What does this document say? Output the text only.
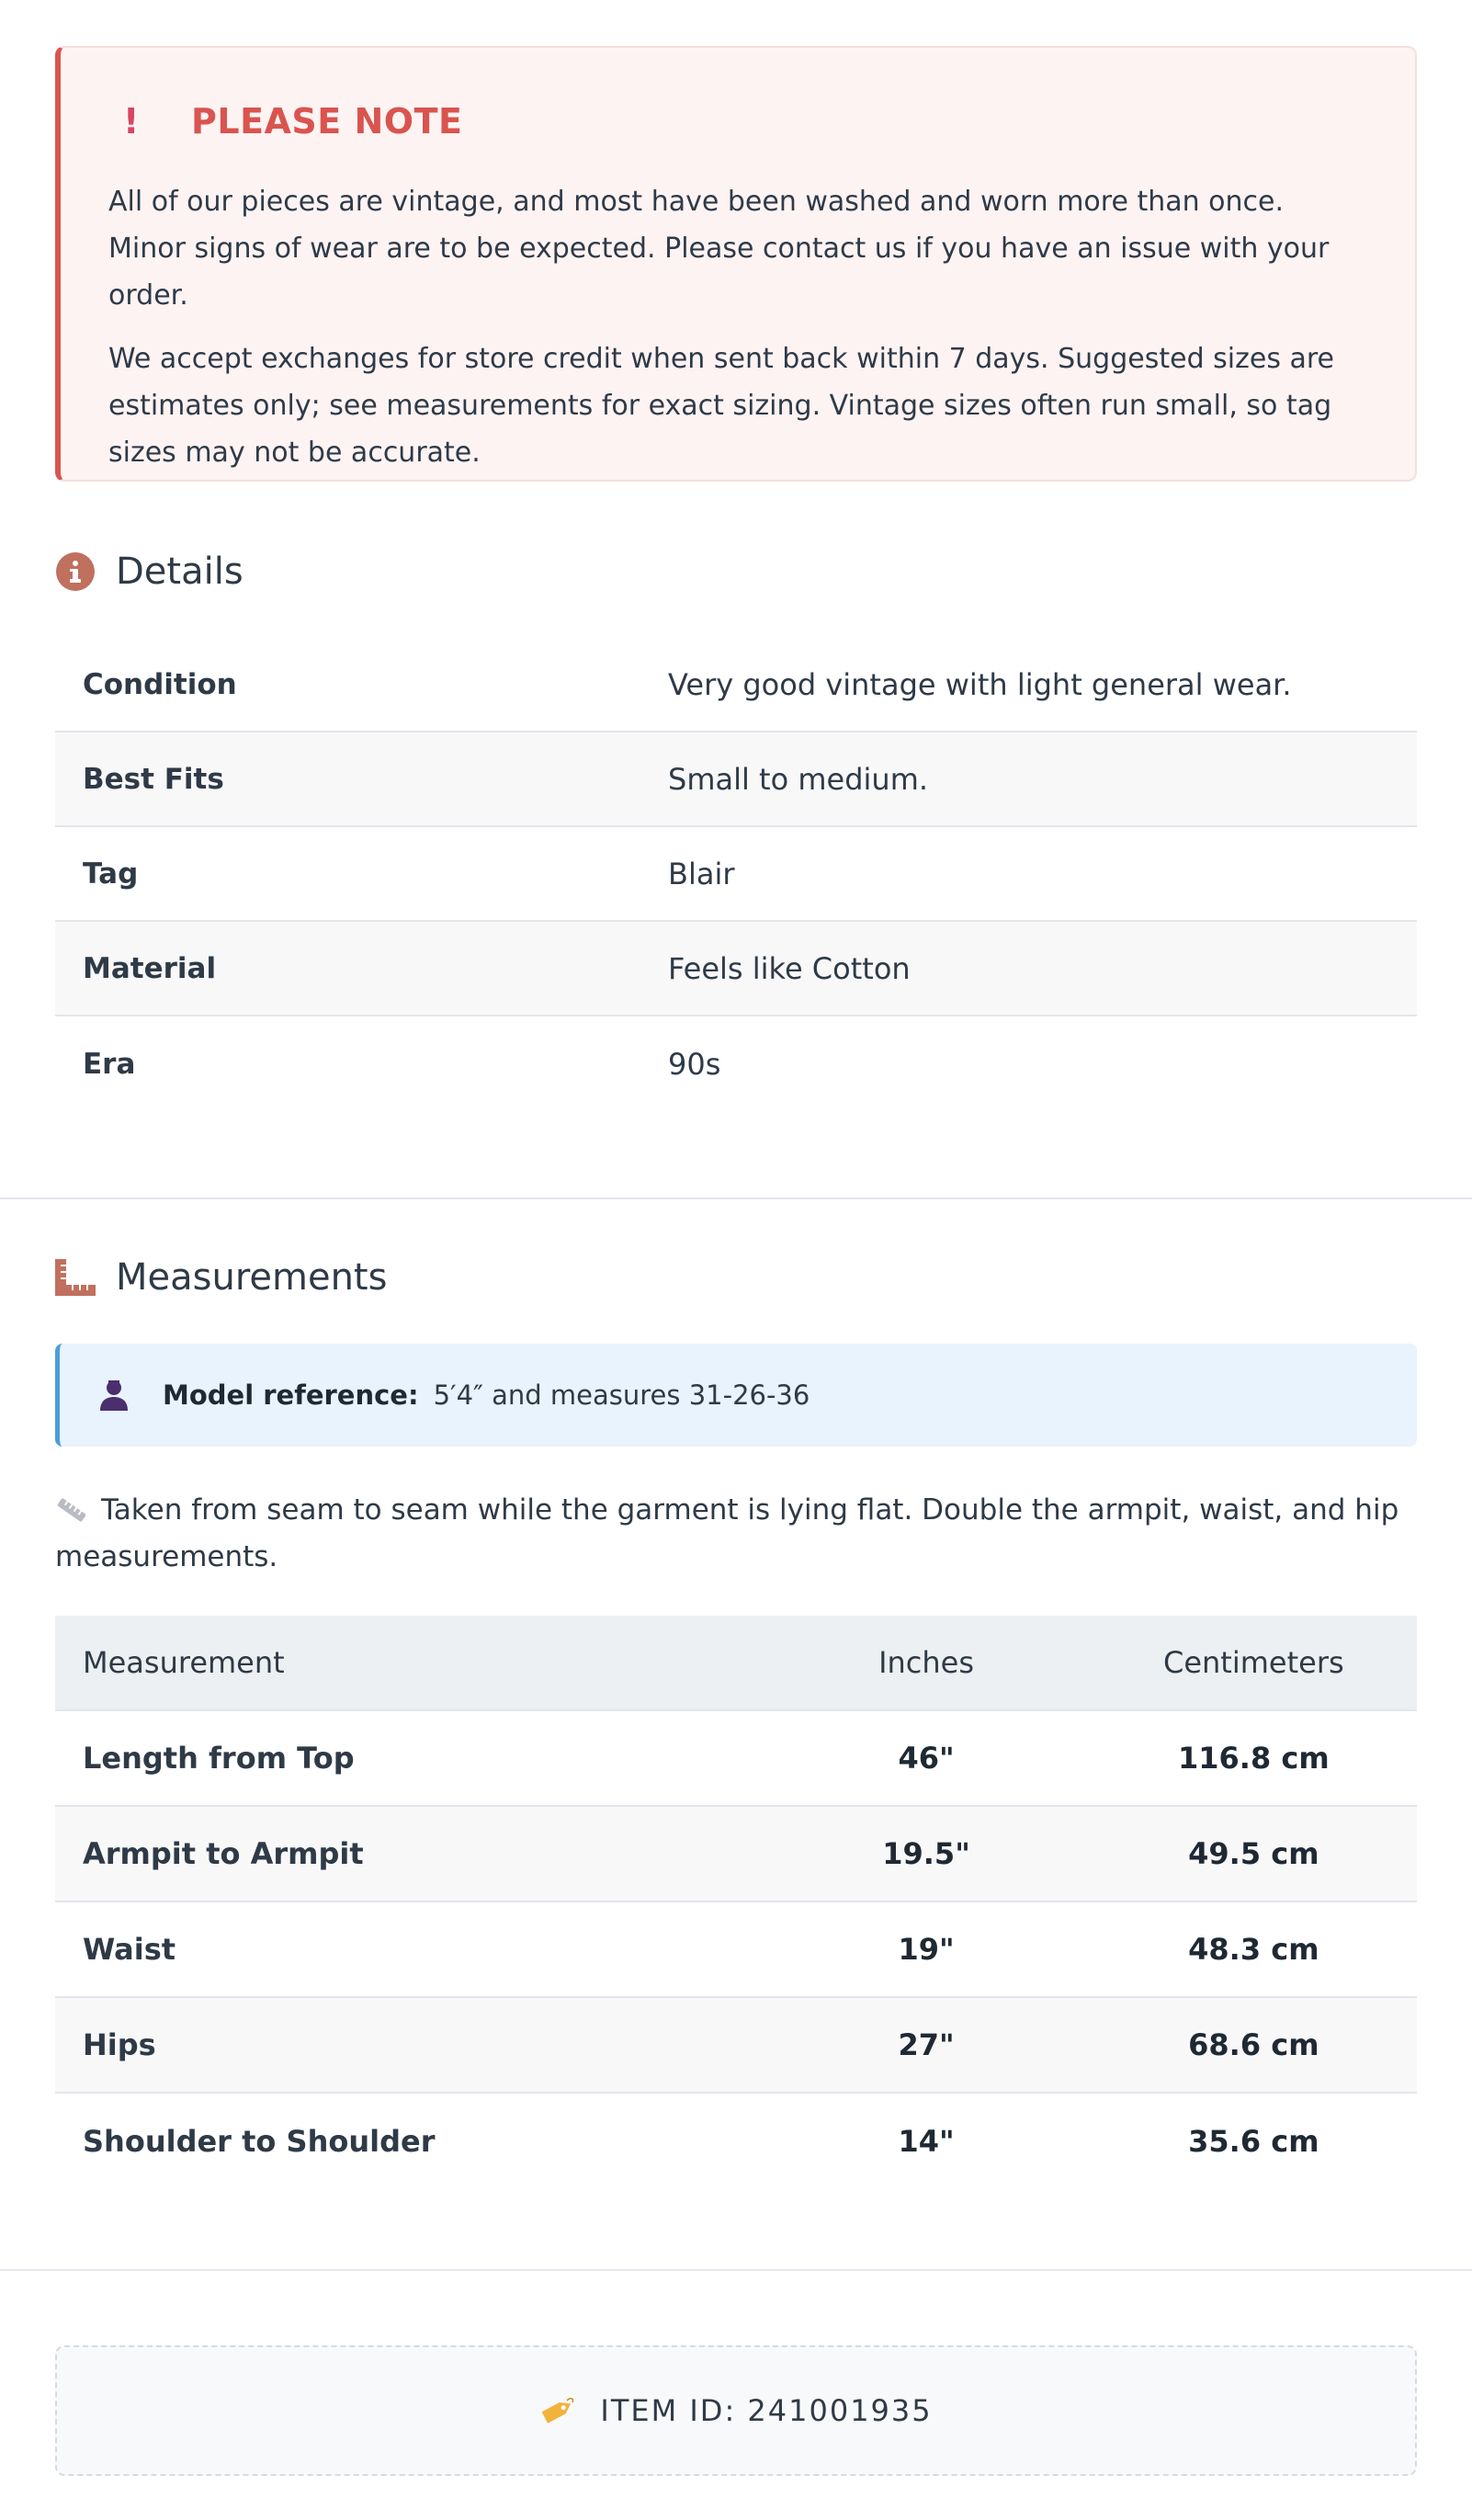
! PLEASE NOTE

All of our pieces are vintage, and most have been washed and worn more than once. Minor signs of wear are to be expected. Please contact us if you have an issue with your order.

We accept exchanges for store credit when sent back within 7 days. Suggested sizes are estimates only; see measurements for exact sizing. Vintage sizes often run small, so tag sizes may not be accurate.

Details
Condition	Very good vintage with light general wear.
Best Fits	Small to medium.
Tag	Blair
Material	Feels like Cotton
Era	90s
Measurements
Model reference: 5′4″ and measures 31-26-36
Taken from seam to seam while the garment is lying flat. Double the armpit, waist, and hip measurements.
Measurement	Inches	Centimeters
Length from Top	46"	116.8 cm
Armpit to Armpit	19.5"	49.5 cm
Waist	19"	48.3 cm
Hips	27"	68.6 cm
Shoulder to Shoulder	14"	35.6 cm
ITEM ID: 241001935
